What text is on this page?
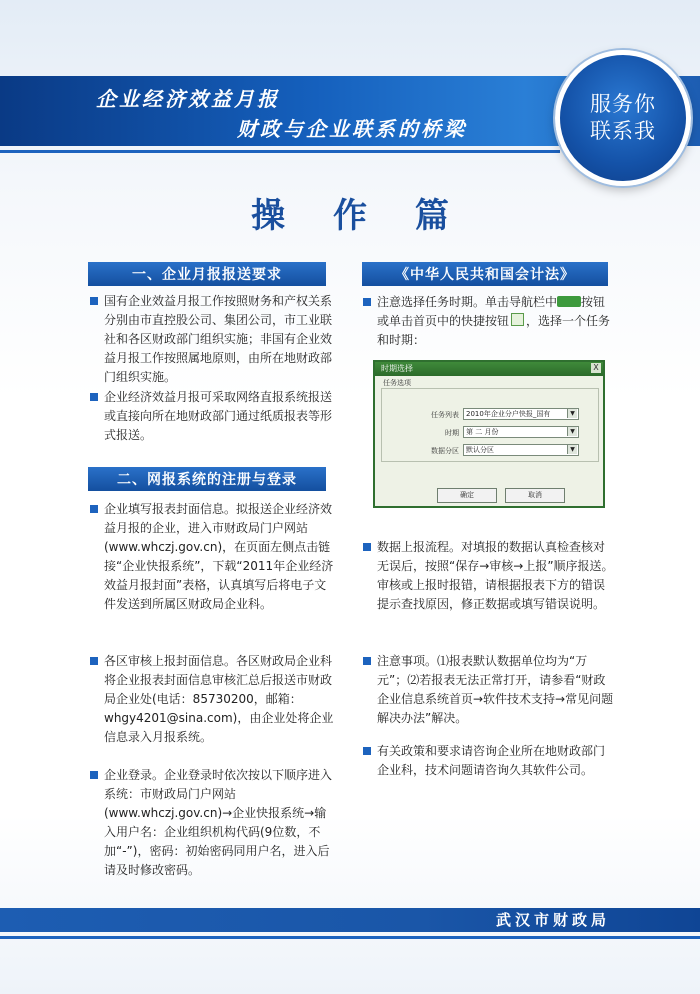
企业经济效益月报
财政与企业联系的桥梁
服务你
联系我
操 作 篇
一、企业月报报送要求
国有企业效益月报工作按照财务和产权关系分别由市直控股公司、集团公司，市工业联社和各区财政部门组织实施；非国有企业效益月报工作按照属地原则，由所在地财政部门组织实施。
企业经济效益月报可采取网络直报系统报送或直接向所在地财政部门通过纸质报表等形式报送。
二、网报系统的注册与登录
企业填写报表封面信息。拟报送企业经济效益月报的企业，进入市财政局门户网站(www.whczj.gov.cn)，在页面左侧点击链接“企业快报系统”，下载“2011年企业经济效益月报封面”表格，认真填写后将电子文件发送到所属区财政局企业科。
各区审核上报封面信息。各区财政局企业科将企业报表封面信息审核汇总后报送市财政局企业处(电话：85730200，邮箱：whgy4201@sina.com)，由企业处将企业信息录入月报系统。
企业登录。企业登录时依次按以下顺序进入系统：市财政局门户网站(www.whczj.gov.cn)→企业快报系统→输入用户名：企业组织机构代码(9位数，不加“-”)，密码：初始密码同用户名，进入后请及时修改密码。
《中华人民共和国会计法》
注意选择任务时期。单击导航栏中 按钮或单击首页中的快捷按钮 ，选择一个任务和时期：
时期选择	X
任务选项
任务列表	2010年企业分户快报_国有	▼
时期	第 二 月份	▼
数据分区	默认分区	▼
确定	取消
数据上报流程。对填报的数据认真检查核对无误后，按照“保存→审核→上报”顺序报送。审核或上报时报错，请根据报表下方的错误提示查找原因，修正数据或填写错误说明。
注意事项。⑴报表默认数据单位均为“万元”；⑵若报表无法正常打开，请参看“财政企业信息系统首页→软件技术支持→常见问题解决办法”解决。
有关政策和要求请咨询企业所在地财政部门企业科，技术问题请咨询久其软件公司。
武汉市财政局
